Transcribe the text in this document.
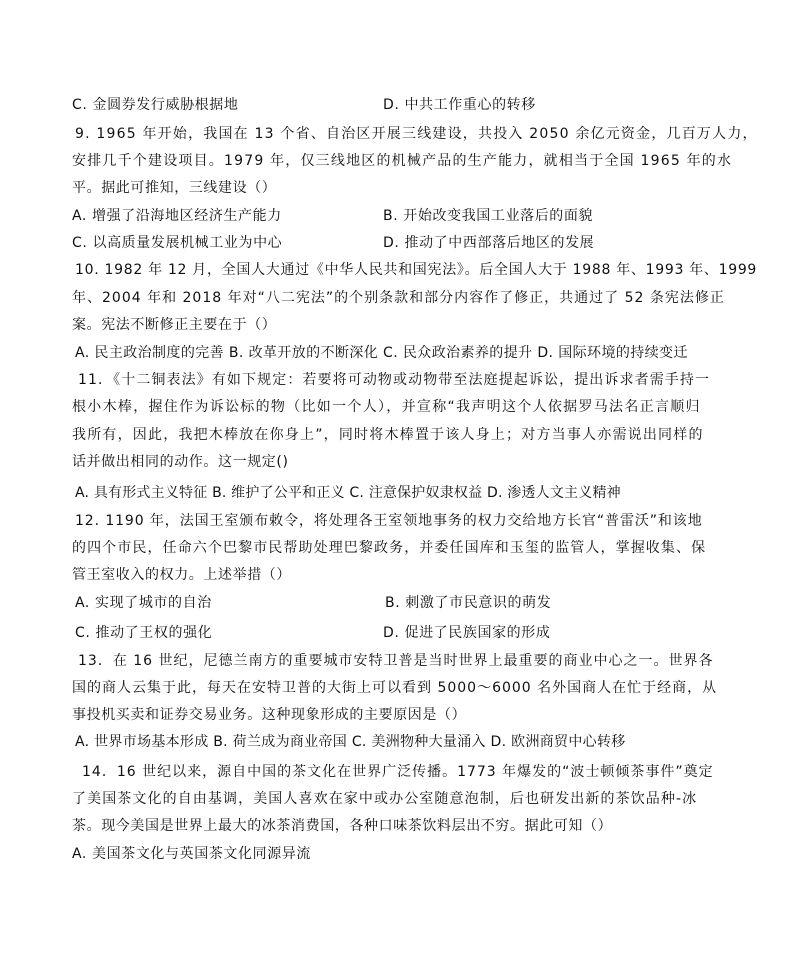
C. 金圆券发行威胁根据地	D. 中共工作重心的转移
9. 1965 年开始，我国在 13 个省、自治区开展三线建设，共投入 2050 余亿元资金，几百万人力，
安排几千个建设项目。1979 年，仅三线地区的机械产品的生产能力，就相当于全国 1965 年的水
平。据此可推知，三线建设（）
A. 增强了沿海地区经济生产能力	B. 开始改变我国工业落后的面貌
C. 以高质量发展机械工业为中心	D. 推动了中西部落后地区的发展
10. 1982 年 12 月，全国人大通过《中华人民共和国宪法》。后全国人大于 1988 年、1993 年、1999
年、2004 年和 2018 年对“八二宪法”的个别条款和部分内容作了修正，共通过了 52 条宪法修正
案。宪法不断修正主要在于（）
A. 民主政治制度的完善 B. 改革开放的不断深化 C. 民众政治素养的提升 D. 国际环境的持续变迁
11．《十二铜表法》有如下规定：若要将可动物或动物带至法庭提起诉讼，提出诉求者需手持一
根小木棒，握住作为诉讼标的物（比如一个人），并宣称“我声明这个人依据罗马法名正言顺归
我所有，因此，我把木棒放在你身上”，同时将木棒置于该人身上；对方当事人亦需说出同样的
话并做出相同的动作。这一规定()
A. 具有形式主义特征 B. 维护了公平和正义 C. 注意保护奴隶权益 D. 渗透人文主义精神
12. 1190 年，法国王室颁布敕令，将处理各王室领地事务的权力交给地方长官“普雷沃”和该地
的四个市民，任命六个巴黎市民帮助处理巴黎政务，并委任国库和玉玺的监管人，掌握收集、保
管王室收入的权力。上述举措（）
A. 实现了城市的自治	B. 刺激了市民意识的萌发
C. 推动了王权的强化	D. 促进了民族国家的形成
13．在 16 世纪，尼德兰南方的重要城市安特卫普是当时世界上最重要的商业中心之一。世界各
国的商人云集于此，每天在安特卫普的大街上可以看到 5000～6000 名外国商人在忙于经商，从
事投机买卖和证券交易业务。这种现象形成的主要原因是（）
A. 世界市场基本形成 B. 荷兰成为商业帝国 C. 美洲物种大量涌入 D. 欧洲商贸中心转移
14．16 世纪以来，源自中国的茶文化在世界广泛传播。1773 年爆发的“波士顿倾茶事件”奠定
了美国茶文化的自由基调，美国人喜欢在家中或办公室随意泡制，后也研发出新的茶饮品种-冰
茶。现今美国是世界上最大的冰茶消费国，各种口味茶饮料层出不穷。据此可知（）
A. 美国茶文化与英国茶文化同源异流
